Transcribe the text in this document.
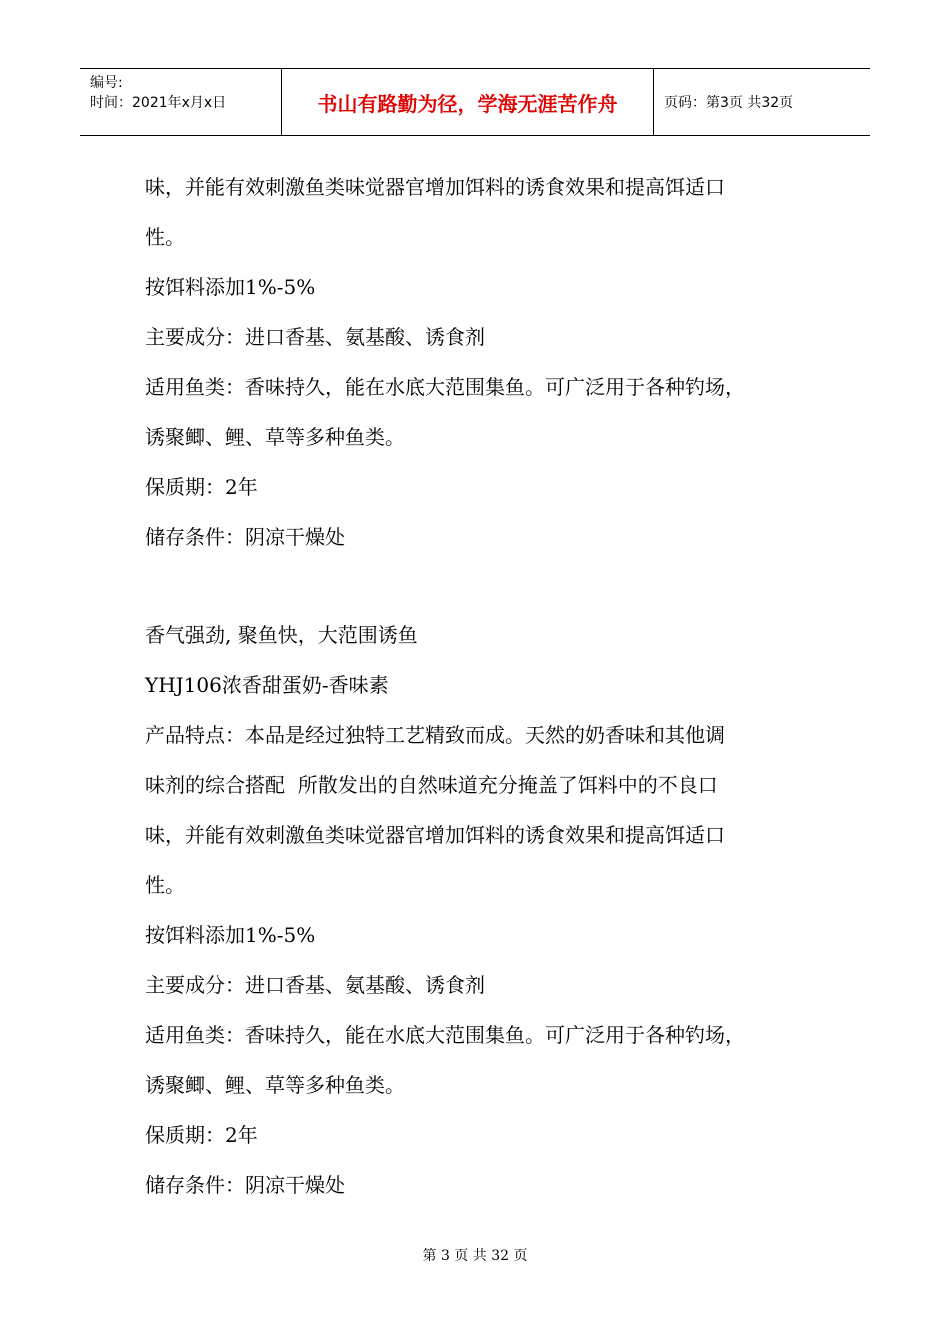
编号:
时间：2021年x月x日	书山有路勤为径，学海无涯苦作舟	页码：第3页 共32页

味，并能有效刺激鱼类味觉器官增加饵料的诱食效果和提高饵适口

性。

按饵料添加1%-5%

主要成分：进口香基、氨基酸、诱食剂

适用鱼类：香味持久，能在水底大范围集鱼。可广泛用于各种钓场，

诱聚鲫、鲤、草等多种鱼类。

保质期：2年

储存条件：阴凉干燥处

香气强劲, 聚鱼快，大范围诱鱼

YHJ106浓香甜蛋奶-香味素

产品特点：本品是经过独特工艺精致而成。天然的奶香味和其他调

味剂的综合搭配  所散发出的自然味道充分掩盖了饵料中的不良口

味，并能有效刺激鱼类味觉器官增加饵料的诱食效果和提高饵适口

性。

按饵料添加1%-5%

主要成分：进口香基、氨基酸、诱食剂

适用鱼类：香味持久，能在水底大范围集鱼。可广泛用于各种钓场，

诱聚鲫、鲤、草等多种鱼类。

保质期：2年

储存条件：阴凉干燥处

第 3 页 共 32 页
